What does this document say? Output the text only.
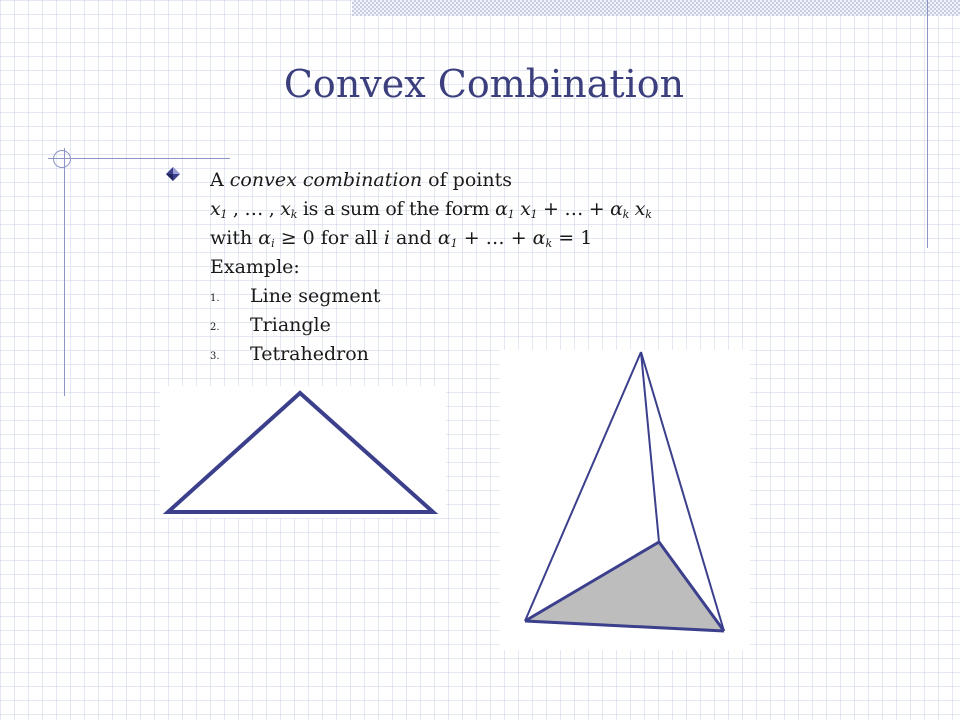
Convex Combination
A convex combination of points
$x_1$ , … , $x_k$ is a sum of the form $\alpha_1$ $x_1$ + … + $\alpha_k$ $x_k$
with $\alpha_i \ge 0$ for all i and $\alpha_1$ + … + $\alpha_k = 1$
Example:
1. Line segment
2. Triangle
3. Tetrahedron
